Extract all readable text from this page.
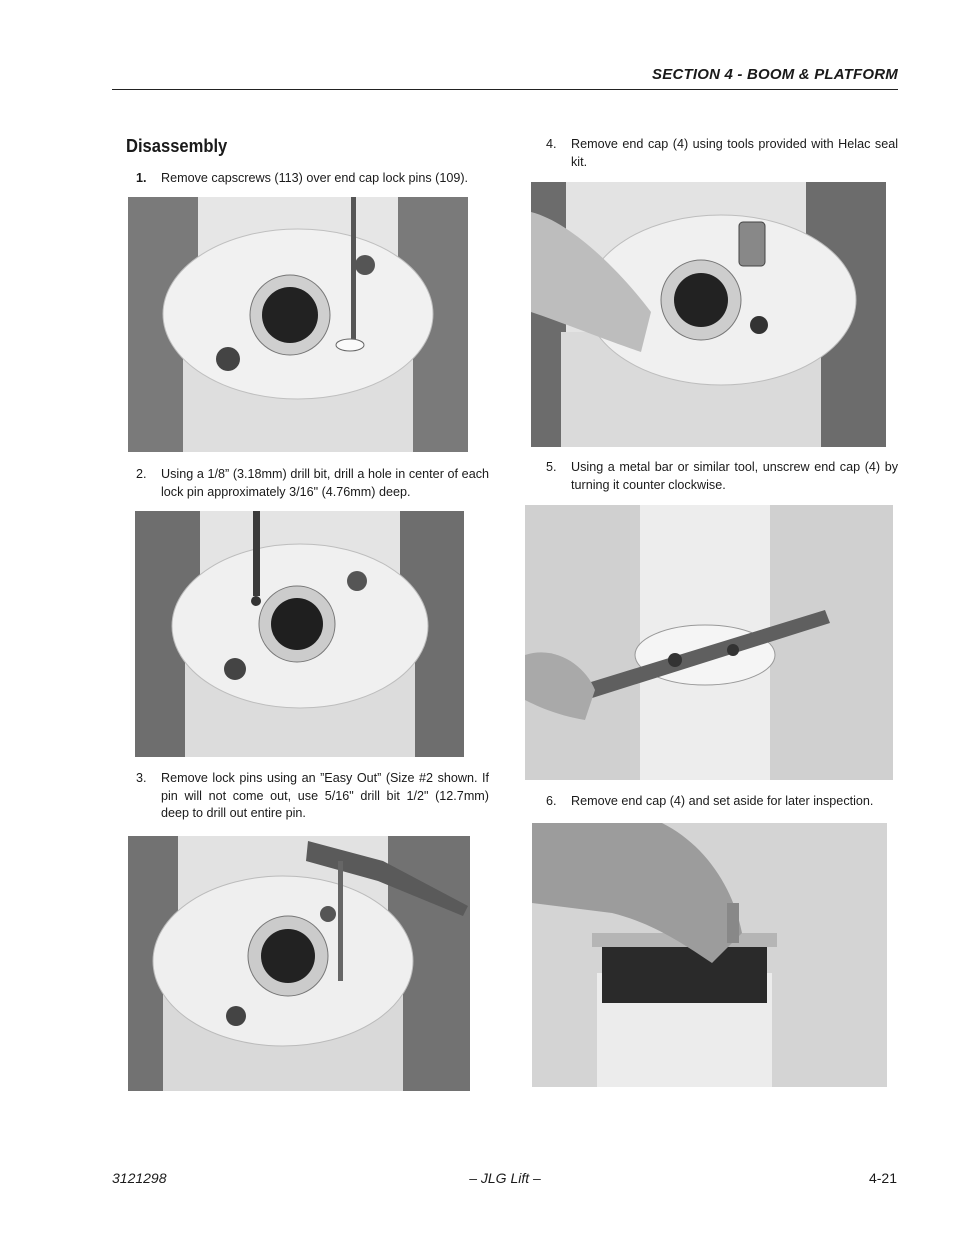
SECTION 4 - BOOM & PLATFORM
Disassembly
1. Remove capscrews (113) over end cap lock pins (109).
2. Using a 1/8” (3.18mm) drill bit, drill a hole in center of each lock pin approximately 3/16" (4.76mm) deep.
3. Remove lock pins using an ”Easy Out” (Size #2 shown. If pin will not come out, use 5/16" drill bit 1/2" (12.7mm) deep to drill out entire pin.
4. Remove end cap (4) using tools provided with Helac seal kit.
5. Using a metal bar or similar tool, unscrew end cap (4) by turning it counter clockwise.
6. Remove end cap (4) and set aside for later inspection.
3121298	– JLG Lift –	4-21
